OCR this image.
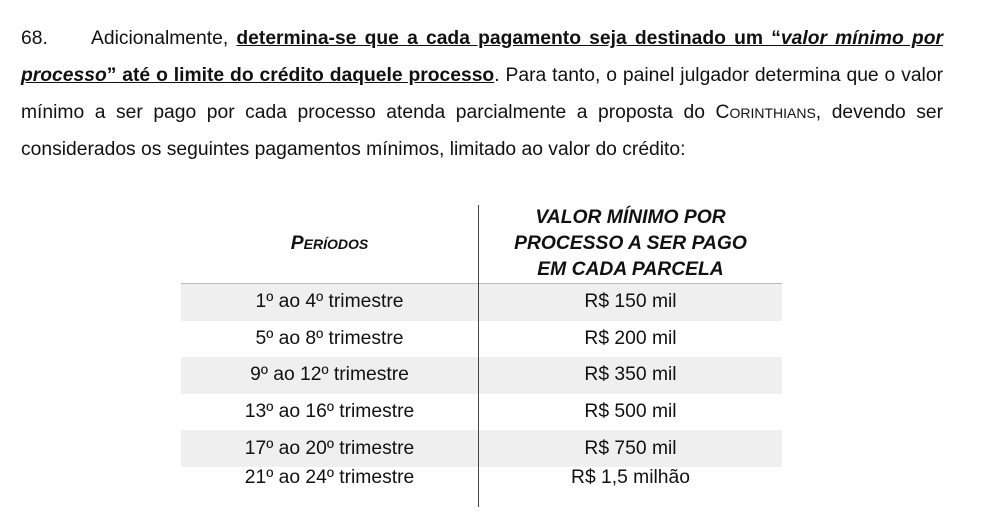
68. Adicionalmente, determina-se que a cada pagamento seja destinado um “valor mínimo por processo” até o limite do crédito daquele processo. Para tanto, o painel julgador determina que o valor mínimo a ser pago por cada processo atenda parcialmente a proposta do Corinthians, devendo ser considerados os seguintes pagamentos mínimos, limitado ao valor do crédito:

Períodos	VALOR MÍNIMO POR
PROCESSO A SER PAGO
EM CADA PARCELA

1º ao 4º trimestre	R$ 150 mil
5º ao 8º trimestre	R$ 200 mil
9º ao 12º trimestre	R$ 350 mil
13º ao 16º trimestre	R$ 500 mil
17º ao 20º trimestre	R$ 750 mil
21º ao 24º trimestre	R$ 1,5 milhão
